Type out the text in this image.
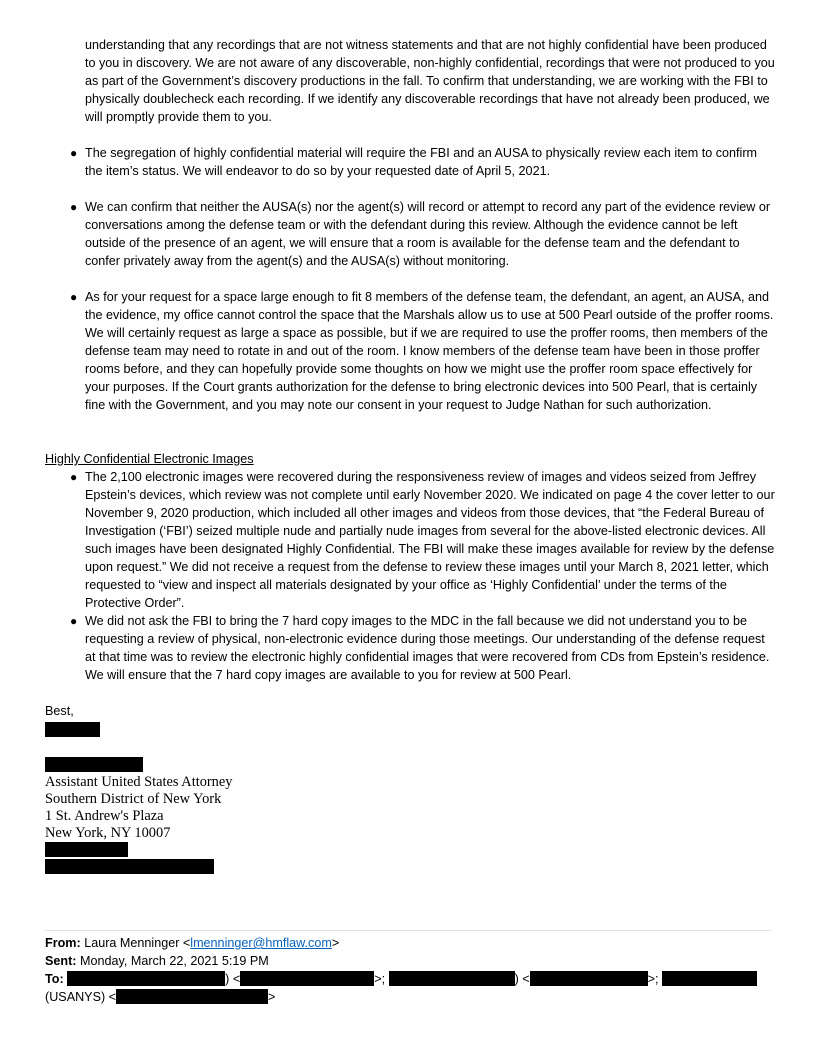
understanding that any recordings that are not witness statements and that are not highly confidential have been produced to you in discovery. We are not aware of any discoverable, non-highly confidential, recordings that were not produced to you as part of the Government’s discovery productions in the fall. To confirm that understanding, we are working with the FBI to physically doublecheck each recording. If we identify any discoverable recordings that have not already been produced, we will promptly provide them to you.

● The segregation of highly confidential material will require the FBI and an AUSA to physically review each item to confirm the item’s status. We will endeavor to do so by your requested date of April 5, 2021.
● We can confirm that neither the AUSA(s) nor the agent(s) will record or attempt to record any part of the evidence review or conversations among the defense team or with the defendant during this review. Although the evidence cannot be left outside of the presence of an agent, we will ensure that a room is available for the defense team and the defendant to confer privately away from the agent(s) and the AUSA(s) without monitoring.
● As for your request for a space large enough to fit 8 members of the defense team, the defendant, an agent, an AUSA, and the evidence, my office cannot control the space that the Marshals allow us to use at 500 Pearl outside of the proffer rooms. We will certainly request as large a space as possible, but if we are required to use the proffer rooms, then members of the defense team may need to rotate in and out of the room. I know members of the defense team have been in those proffer rooms before, and they can hopefully provide some thoughts on how we might use the proffer room space effectively for your purposes. If the Court grants authorization for the defense to bring electronic devices into 500 Pearl, that is certainly fine with the Government, and you may note our consent in your request to Judge Nathan for such authorization.

Highly Confidential Electronic Images

● The 2,100 electronic images were recovered during the responsiveness review of images and videos seized from Jeffrey Epstein’s devices, which review was not complete until early November 2020. We indicated on page 4 the cover letter to our November 9, 2020 production, which included all other images and videos from those devices, that “the Federal Bureau of Investigation (‘FBI’) seized multiple nude and partially nude images from several for the above-listed electronic devices. All such images have been designated Highly Confidential. The FBI will make these images available for review by the defense upon request.” We did not receive a request from the defense to review these images until your March 8, 2021 letter, which requested to “view and inspect all materials designated by your office as ‘Highly Confidential’ under the terms of the Protective Order”.
● We did not ask the FBI to bring the 7 hard copy images to the MDC in the fall because we did not understand you to be requesting a review of physical, non-electronic evidence during those meetings. Our understanding of the defense request at that time was to review the electronic highly confidential images that were recovered from CDs from Epstein’s residence. We will ensure that the 7 hard copy images are available to you for review at 500 Pearl.

Best,

Assistant United States Attorney
Southern District of New York
1 St. Andrew's Plaza
New York, NY 10007

From: Laura Menninger <lmenninger@hmflaw.com>

Sent: Monday, March 22, 2021 5:19 PM

To:	) <	>;	) <	>;

(USANYS) <	>
